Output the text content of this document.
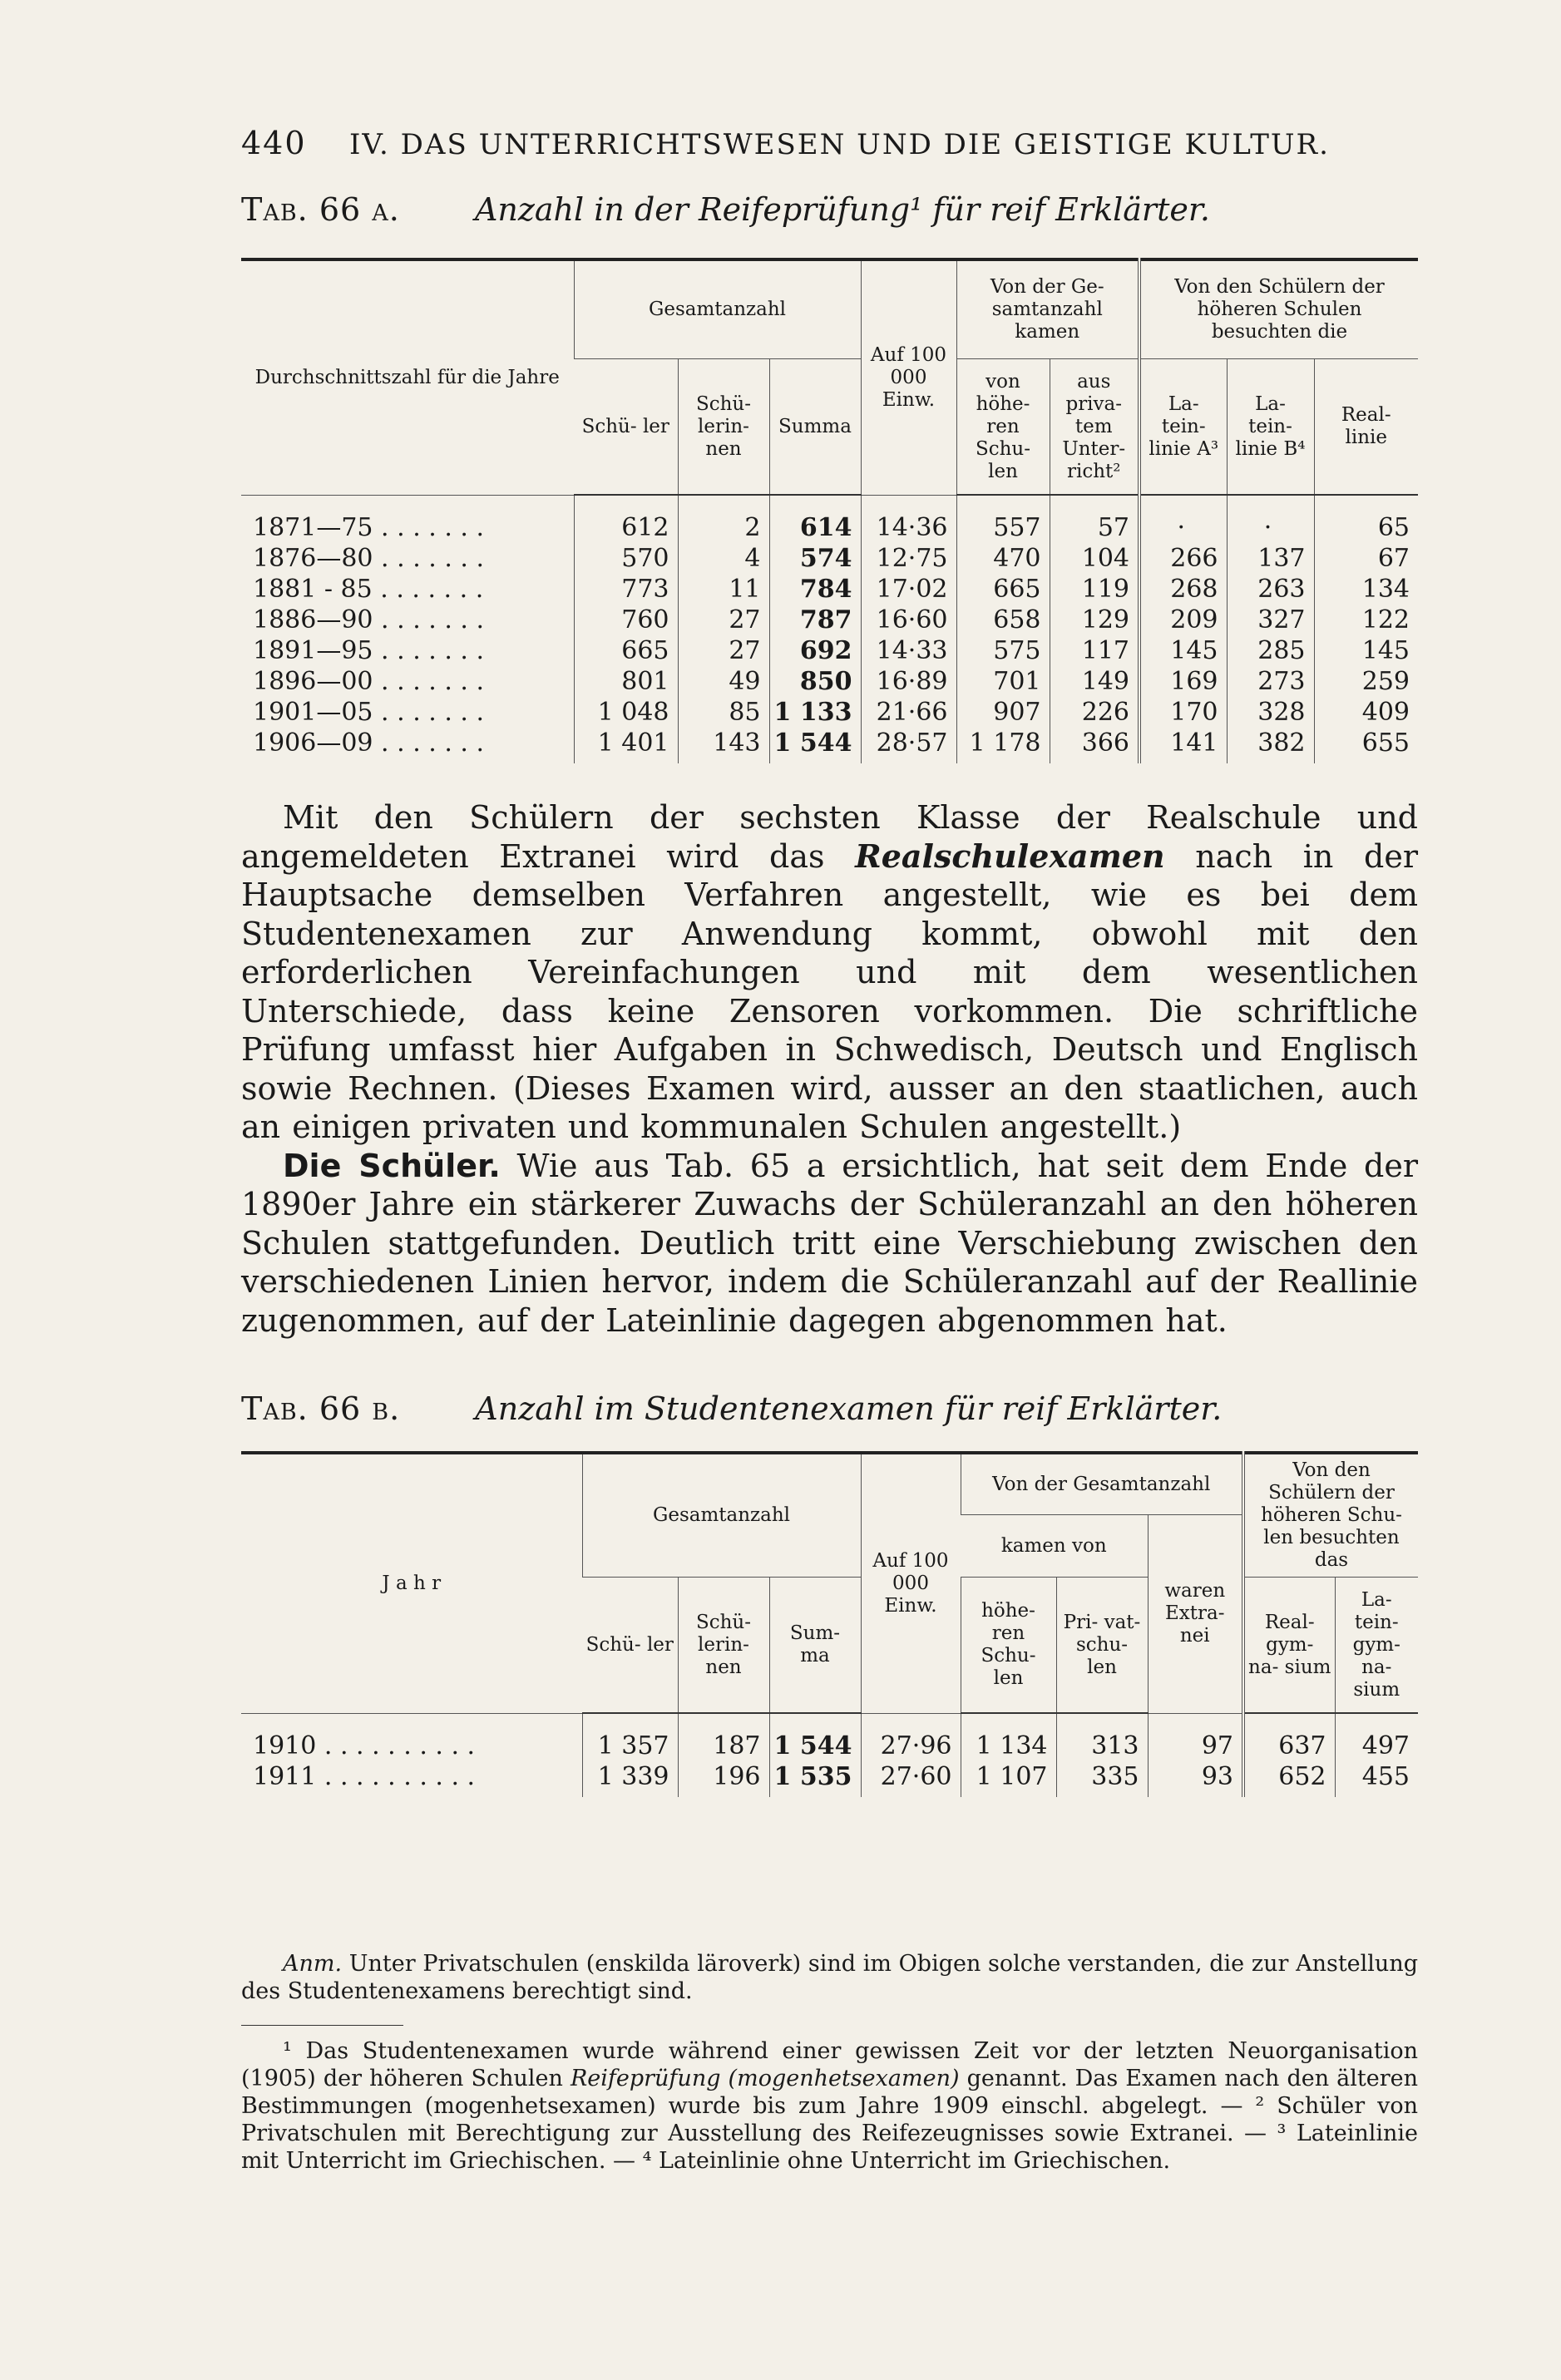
440 IV. DAS UNTERRICHTSWESEN UND DIE GEISTIGE KULTUR.
Tab. 66 a. Anzahl in der Reifeprüfung¹ für reif Erklärter.
Durchschnittszahl für die Jahre	Gesamtanzahl			Auf 100 000 Einw.	Von der Ge- samtanzahl kamen		Von den Schülern der höheren Schulen besuchten die		
	Schü- ler	Schü- lerin- nen	Summa		von höhe- ren Schu- len	aus priva- tem Unter- richt²	La- tein- linie A³	La- tein- linie B⁴	Real- linie
1871—75 . . . . . . .	612	2	614	14·36	557	57	·	·	65
1876—80 . . . . . . .	570	4	574	12·75	470	104	266	137	67
1881 - 85 . . . . . . .	773	11	784	17·02	665	119	268	263	134
1886—90 . . . . . . .	760	27	787	16·60	658	129	209	327	122
1891—95 . . . . . . .	665	27	692	14·33	575	117	145	285	145
1896—00 . . . . . . .	801	49	850	16·89	701	149	169	273	259
1901—05 . . . . . . .	1 048	85	1 133	21·66	907	226	170	328	409
1906—09 . . . . . . .	1 401	143	1 544	28·57	1 178	366	141	382	655

Mit den Schülern der sechsten Klasse der Realschule und angemeldeten Extranei wird das Realschulexamen nach in der Hauptsache demselben Verfahren angestellt, wie es bei dem Studentenexamen zur Anwendung kommt, obwohl mit den erforderlichen Vereinfachungen und mit dem wesentlichen Unterschiede, dass keine Zensoren vorkommen. Die schriftliche Prüfung umfasst hier Aufgaben in Schwedisch, Deutsch und Englisch sowie Rechnen. (Dieses Examen wird, ausser an den staatlichen, auch an einigen privaten und kommunalen Schulen angestellt.)

Die Schüler. Wie aus Tab. 65 a ersichtlich, hat seit dem Ende der 1890er Jahre ein stärkerer Zuwachs der Schüleranzahl an den höheren Schulen stattgefunden. Deutlich tritt eine Verschiebung zwischen den verschiedenen Linien hervor, indem die Schüleranzahl auf der Reallinie zugenommen, auf der Lateinlinie dagegen abgenommen hat.

Tab. 66 b. Anzahl im Studentenexamen für reif Erklärter.
J a h r	Gesamtanzahl			Auf 100 000 Einw.	Von der Gesamtanzahl			Von den Schülern der höheren Schu- len besuchten das	
					kamen von		waren Extra- nei		
	Schü- ler	Schü- lerin- nen	Sum- ma		höhe- ren Schu- len	Pri- vat- schu- len		Real- gym- na- sium	La- tein- gym- na- sium
1910 . . . . . . . . . .	1 357	187	1 544	27·96	1 134	313	97	637	497
1911 . . . . . . . . . .	1 339	196	1 535	27·60	1 107	335	93	652	455
Anm. Unter Privatschulen (enskilda läroverk) sind im Obigen solche verstanden, die zur Anstellung des Studentenexamens berechtigt sind.
¹ Das Studentenexamen wurde während einer gewissen Zeit vor der letzten Neuorganisation (1905) der höheren Schulen Reifeprüfung (mogenhetsexamen) genannt. Das Examen nach den älteren Bestimmungen (mogenhetsexamen) wurde bis zum Jahre 1909 einschl. abgelegt. — ² Schüler von Privatschulen mit Berechtigung zur Ausstellung des Reifezeugnisses sowie Extranei. — ³ Lateinlinie mit Unterricht im Griechischen. — ⁴ Lateinlinie ohne Unterricht im Griechischen.
